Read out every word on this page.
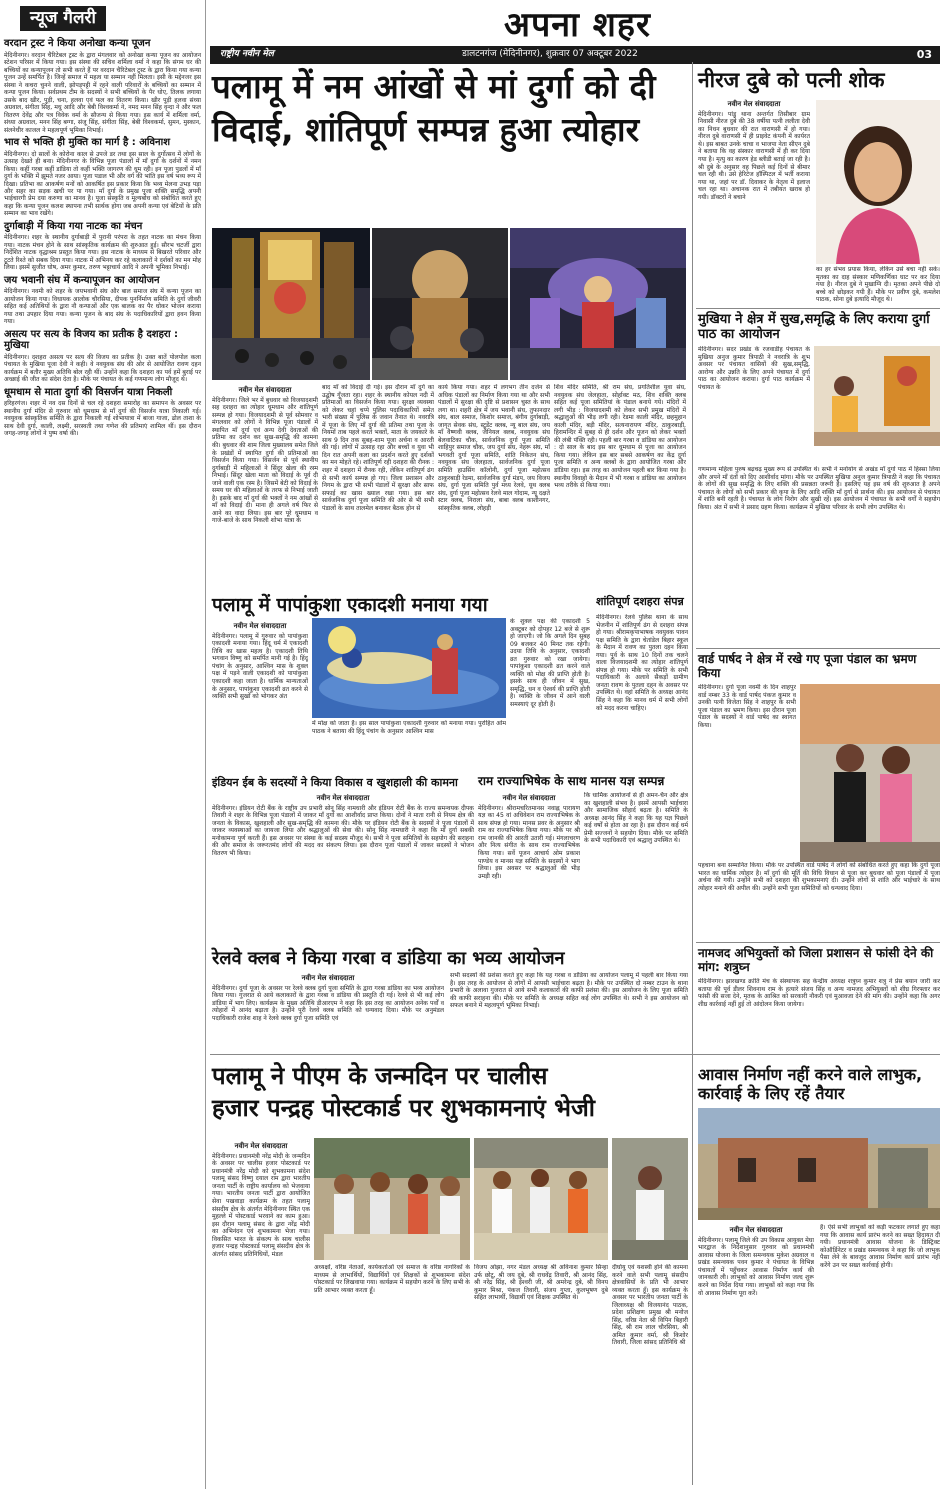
न्यूज गैलरी
वरदान ट्रस्ट ने किया अनोखा कन्या पूजन
मेदिनीनगर। वरदान चैरिटेबल ट्रस्ट के द्वारा मंगलवार को अनोखा कन्या पूजन का आयोजन स्टेशन परिसर में किया गया। इस संस्था की सचिव शर्मिला वर्मा ने कहा कि संगम घर की बच्चियों का कन्यापूजन तो सभी करते हैं पर वरदान चैरिटेबल ट्रस्ट के द्वारा किया गया कन्या पूजन उन्हें समर्पित है। जिन्हें समाज में महत्व या सम्मान नहीं मिलता। इसी के मद्देनजर इस संस्था ने कचरा चुनने वाली, झोपड़पट्टी में रहने वाली परिवारों के बच्चियों का सम्मान में कन्या पूजन किया। सर्वप्रथम टीम के सदस्यों ने सभी बच्चियों के पैर धोए, तिलक लगाया उसके बाद खीर, पूड़ी, चना, हलवा एवं फल का वितरण किया। खीर पूड़ी हलवा संध्या अग्रवाल, संगीता सिंह, मधु आदि और बेबी विश्वकर्मा ने, नमद मनन सिंह वृन्दा ने और फल वितरण देवेंद्र और पत्र विवेक वर्मा के सौजन्य से किया गया। इस कार्य में शर्मिला वर्मा, संध्या अग्रवाल, मनन सिंह बग्गा, संजू सिंह, संगीता सिंह, बेबी विश्वकर्मा, सुमन, मुस्कान, संलनेधीर काजल ने महत्वपूर्ण भूमिका निभाई।
भाव से भक्ति ही मुक्ति का मार्ग है : अविनाश
मेदिनीनगर। दो सालों के कोरोना काल से उपजे डर तथा इस साल के दुर्गोत्सव में लोगों के उत्साह देखते ही बना। मेदिनीनगर के विभिन्न पूजा पंडालों में माँ दुर्गा के दर्शनों में नमन किया। कहीं गरबा कहीं डांडिया तो कहीं भक्ति जागरण की धूम रही। इन पूजा पुडलों में माँ दुर्गा के भक्ति में झूमते नजर आया। पूजा पडाल भी और वर्ग की भांति इस वर्ष भव्य रूप में दिखा। प्रतिभा का आकर्षण मनों को आकर्षित इस प्रकार किया कि भव्य मेलना उभड़ पड़ा और सहर का सड़क खची पर पा गया। माँ दुर्गा के प्रमुख पूजा शक्ति समृद्धि अपनी भाईचारगी प्रेम दया करुणा का मानव है। पूजा संस्कृति व मूल्यबोध को संबोधित करते हुए कहा कि कन्या पूजन कलश स्थापना तभी सार्थक होगा जब अपनी कन्या एवं बेटियों के प्रति सम्मान का भाव रखेंगे।
दुर्गाबाड़ी में किया गया नाटक का मंचन
मेदिनीनगर। शहर के स्थानीय दुर्गाबाड़ी में पुरानी परंपरा के तहत नाटक का मंचन किया गया। नाटक मंचन होने के साथ सांस्कृतिक कार्यक्रम की शुरुआत हुई। सौरभ चटर्जी द्वारा निर्देशित नाटक वृद्धाश्रम प्रस्तुत किया गया। इस नाटक के माध्यम से बिखरते परिवार और टूटते रिश्ते को सबक दिया गया। नाटक में अभिनय कर रहे कलाकारों ने दर्शकों का मन मोह लिया। इसमें सुजीत घोष, अमर कुमार, तरुण भट्टाचार्य आदि ने अपनी भूमिका निभाई।
जय भवानी संघ में कन्यापूजन का आयोजन
मेदिनीनगर। नवमी को शहर के जयभवानी संघ और बाल समाज संघ में कन्या पूजन का आयोजन किया गया। विधायक आलोक चौरसिया, दीपक पुनर्निर्माण समिति के दुर्गा जीवरी सहित कई अतिथियों के द्वारा नौ कन्याओं और एक बालक का पैर धोकर भोजन कराया गया तथा उपहार दिया गया। कन्या पूजन के बाद संघ के पदाधिकारियों द्वारा हवन किया गया।
असत्य पर सत्य के विजय का प्रतीक है दशहरा : मुखिया
मेदिनीनगर। दशहरा असत्य पर सत्य की विजय का प्रतीक है। उक्त बातें पोलपोल कला पंचायत के मुखिया पूजा देवी ने कही। वे नवयुवक संघ की ओर से आयोजित रावण दहन कार्यक्रम में बतौर मुख्य अतिथि बोल रही थीं। उन्होंने कहा कि दशहरा का पर्व हमें बुराई पर अच्छाई की जीत का संदेश देता है। मौके पर पंचायत के कई गणमान्य लोग मौजूद थे।
धूमधाम से माता दुर्गा की विसर्जन यात्रा निकली
हरिहरगंज। शहर में नव दस दिनों से चल रहे दशहरा समारोह का समापन के अवसर पर स्थानीय दुर्गा मंदिर से गुरुवार को धूमधाम से माँ दुर्गा की विसर्जन यात्रा निकाली गई। नवयुवक सांस्कृतिक समिति के द्वारा निकाली गई शोभायात्रा में बाजा गाजा, ढोल ताशा के साथ देवी दुर्गा, काली, लक्ष्मी, सरस्वती तथा गणेश की प्रतिमाएं शामिल थीं। इस दौरान जगह-जगह लोगों ने पुष्प वर्षा की।
अपना शहर
राष्ट्रीय नवीन मेल	डालटनगंज (मेदिनीनगर), शुक्रवार 07 अक्टूबर 2022	03
पलामू में नम आंखों से मां दुर्गा को दी
विदाई, शांतिपूर्ण सम्पन्न हुआ त्योहार
नवीन मेल संवाददाता
मेदिनीनगर। जिले भर में बुधवार को विजयादशमी सह दशहरा का त्योहार धूमधाम और शांतिपूर्ण सम्पन्न हो गया। विजयादशमी से पूर्व सोमवार व मंगलवार को लोगों ने विभिन्न पूजा पंडालों में स्थापित माँ दुर्गा एवं अन्य देवी देवताओं की प्रतिमा का दर्शन कर सुख-समृद्धि की कामना की। बुधवार की शाम जिला मुख्यालय समेत जिले के प्रखंडों में स्थापित दुर्गा की प्रतिमाओं का विसर्जन किया गया। विसर्जन से पूर्व स्थानीय दुर्गाबाड़ी में महिलाओं ने सिंदूर खेला की रस्म निभाई। सिंदूर खेला माता को विदाई के पूर्व दी जाने वाली एक रस्म है। जिसमें बेटी को विदाई के समय घर की महिलाओं के तरफ से निभाई जाती है। इसके बाद माँ दुर्गा की भक्तों ने नम आंखों से माँ को विदाई दी। माना ही अगले वर्ष फिर से आने का वादा लिया। इस बार पूरे धूमधाम व गाजे-बाजे के साथ निकली शोभा यात्रा के
बाद माँ को विदाई दी गई। इस दौरान माँ दुर्गे का उद्घोष गूँजता रहा। शहर के स्थानीय कोयल नदी में प्रतिमाओं का विसर्जन किया गया। सुरक्षा व्यवस्था को लेकर चहां चप्पे पुलिस पदाधिकारियों समेत भारी संख्या में पुलिस के जवान तैनात थे। नवरात्रि में पूजा के लिए माँ दुर्गा की प्रतिमा तथा पूजा के नियमों ताब पहले करते भक्तों, माता के जयकारे के साथ 9 दिन तक सुबह-शाम पूजा अर्चना व आरती की गई। लोगों में उत्साह रहा और बच्चों व युवा भी दिन रात अपनी कला का प्रदर्शन करते हुए दर्शकों का मन मोहते रहे। शांतिपूर्ण रही दशहरा की रौनक : शहर में दशहरा में रौनक रही, लेकिन शांतिपूर्ण ढंग से सभी कार्य सम्पन्न हो गए। जिला प्रशासन और निगम के द्वारा भी सभी पंडालों में सुरक्षा और साफ सफाई का खास ख्याल रखा गया। इस बार सार्वजनिक दुर्गा पूजा समिति की ओर से भी सभी पंडालों के साथ तालमेल बनाकर बैठक होन से
कार्य किया गया। शहर में लगभग तीन दर्जन से अधिक पंडालों का निर्माण किया गया था और सभी पंडालों में सुरक्षा की दृष्टि से प्रशासन चुस्त के साथ लगा था। शहरी क्षेत्र में जय भवानी संघ, तुफानदार संघ, बाल समाज, किशोर समाज, बंगीय दुर्गाबाड़ी, जागृत सेवक संघ, स्टूडेंट क्लब, न्यू बाल संघ, जय माँ वैष्णवी क्लब, जैनियल क्लब, नवयुवक संघ बेलवाटिका चौक, सार्वजनिक दुर्गा पूजा समिति शाहिपुर समाज चौक, जय दुर्गा संघ, नेहरू संघ, माँ भगवती दुर्गा पूजा समिति, शांति निकेतन संघ, नवयुवक संघ जेलहाता, सार्वजनिक दुर्गा पूजा समिति हाउसिंग कॉलोनी, दुर्गा पूजा महोत्सव ठाकुरबाड़ी रेडमा, सार्वजनिक दुर्गा मंडप, जय विजय संघ, दुर्गा पूजा समिति पुर्व मध्य रेलवे, यूथ क्लब संघ, दुर्गा पूजा महोत्सव रेलवे माल गोदाम, न्यू दक्षते स्टार क्लब, निराला संघ, बाबा क्लब काशीनगर, सांस्कृतिक क्लब, लोहड़ी
शिव मंदिर समिति, श्री राम संघ, प्रगतिशील युवा संघ, नवयुवक संघ जेलहाता, सोर्हाक्ट मठ, शिव शक्ति क्लब सहित कई पूजा समितियां के पंडाल बनाये गये। मंदिरों में लगी भीड़ : विजयादशमी को लेकर सभी प्रमुख मंदिरों में श्रद्धालुओं की भीड़ लगी रही। रेडमा काली मंदिर, छहमुहान काली मंदिर, बड़ी मंदिर, सत्यनारायण मंदिर, ठाकुरबाड़ी, हिरामन्दिर में सुबह से ही दर्शन और पूजन को लेकर भक्तों की लंबी पंक्ति रही। पहली बार गरबा व डांडिया का आयोजन : दो साल के बाद इस बार धूमधाम से पूजा का आयोजन किया गया। लेकिन इस बार सबसे आकर्षण का केंद्र दुर्गा पूजा समिति व अन्य क्लबों के द्वारा आयोजित गरबा और डांडिया रहा। इस तरह का आयोजन पहली बार किया गया है। स्थानीय विवाहो के मैदान में भी गरबा व डांडिया का आयोजन भव्य तरीके से किया गया।
पलामू में पापांकुशा एकादशी मनाया गया
नवीन मेल संवाददाता
मेदिनीनगर। पलामू में गुरुवार को पापांकुशा एकादशी मनाया गया। हिंदू धर्म में एकादशी तिथि का खास महत्व है। एकादशी तिथि भगवान विष्णु को समर्पित मानी गई है। हिंदू पंचांग के अनुसार, आश्विन मास के शुक्ल पक्ष में पड़ने वाली एकादशी को पापांकुशा एकादशी कहा जाता है। धार्मिक मान्यताओं के अनुसार, पापांकुशा एकादशी व्रत करने से व्यक्ति सभी सुखों को भोगकर अंत
में मोक्ष को जाता है। इस साल पापांकुशा एकादशी गुरुवार को मनाया गया। पुरोहित ओम पाठक ने बताया की हिंदू पंचांग के अनुसार आश्विन मास
के शुक्ल पक्ष की एकादशी 5 अक्टूबर को दोपहर 12 बजे से शुरू हो जाएगी। जो कि अगले दिन सुबह 09 बजकर 40 मिनट तक रहेगी। उदया तिथि के अनुसार, एकादशी व्रत गुरुवार को रखा जायेगा। पापांकुशा एकादशी व्रत करने वाले व्यक्ति को मोक्ष की प्राप्ति होती है। इसके साथ ही जीवन में सुख, समृद्धि, धन व ऐश्वर्य की प्राप्ति होती है। व्यक्ति के जीवन में आने वाली समस्याएं दूर होती हैं।
शांतिपूर्ण दशहरा संपन्न
मेदिनीनगर। रेलवे पुलिस थाना के साथ भेजनीन में शांतिपूर्ण ढंग से दशहरा संपन्न हो गया। श्रीरामकृपाभाषक नवयुवक पावन पक्ष समिति के द्वारा चेतांडेल बिहार स्कूल के मैदान में रावण का पुतला दहन किया गया। पूर्व के साथ 10 दिनों तक चलने वाला विजयादशमी का त्योहार शांतिपूर्ण संपन्न हो गया। मौके पर समिति के सभी पदाधिकारी के अलावे सैकड़ों ग्रामीण जनता रावण के पुतला दहन के अवसर पर उपस्थित थे। वहां समिति के अध्यक्ष आनंद सिंह ने कहा कि मानव धर्म में सभी लोगों को मदद करना चाहिए।
इंडियन ईब के सदस्यों ने किया विकास व खुशहाली की कामना
नवीन मेल संवाददाता
मेदिनीनगर। इंडियन रोटी बैंक के राष्ट्रीय उप प्रभारी सोनू सिंह नामधारी और इंडियन रोटी बैंक के राज्य समन्वयक दीपक तिवारी ने शहर के विभिन्न पूजा पंडालों में जाकर माँ दुर्गा का आशीर्वाद प्राप्त किया। दोनों ने माता रानी से नियम क्षेत्र की जनता के विकास, खुशहाली और सुख-समृद्धि की कामना की। मौके पर इंडियन रोटी बैंक के सदस्यों ने पूजा पंडालों में जाकर व्यवस्थाओं का जायजा लिया और श्रद्धालुओं की सेवा की। सोनू सिंह नामधारी ने कहा कि माँ दुर्गा सबकी मनोकामना पूर्ण करती हैं। इस अवसर पर संस्था के कई सदस्य मौजूद थे। सभी ने पूजा समितियों के सहयोग की सराहना की और समाज के जरूरतमंद लोगों की मदद का संकल्प लिया। इस दौरान पूजा पंडालों में जाकर सदस्यों ने भोजन वितरण भी किया।
राम राज्याभिषेक के साथ मानस यज्ञ सम्पन्न
नवीन मेल संवाददाता
मेदिनीनगर। श्रीरामचरितमानस नवाह्न पारायण यज्ञ का 45 वां अधिवेशन राम राज्याभिषेक के साथ संपन्न हो गया। मानस प्रवर के अनुसार श्री राम का राज्याभिषेक किया गया। मौके पर श्री राम जानकी की आरती उतारी गई। मंगलाचरण और नित्य संगीत के साथ राम राज्याभिषेक किया गया। सर्वे पूजन आचार्य ओम प्रकाश पाण्डेय व मानस यज्ञ समिति के सदस्यों ने भाग लिया। इस अवसर पर श्रद्धालुओं की भीड़ उमड़ी रही।
कि धार्मिक आयोजनों से ही अमन-चैन और क्षेत्र का खुशहाली संभव है। इसमें आपसी भाईचारा और सामाजिक सौहार्द बढ़ता है। समिति के अध्यक्ष आनंद सिंह ने कहा कि यह यज्ञ पिछले कई वर्षों से होता आ रहा है। इस दौरान कई धर्म प्रेमी सज्जनों ने सहयोग दिया। मौके पर समिति के सभी पदाधिकारी एवं श्रद्धालु उपस्थित थे।
रेलवे क्लब ने किया गरबा व डांडिया का भव्य आयोजन
नवीन मेल संवाददाता
मेदिनीनगर। दुर्गा पूजा के अवसर पर रेलवे क्लब दुर्गा पूजा समिति के द्वारा गरबा डांडिया का भव्य आयोजन किया गया। गुजरात से आये कलाकारों के द्वारा गरबा व डांडिया की प्रस्तुति दी गई। रेलवे से भी कई लोग डांडिया में भाग लिए। कार्यक्रम के मुख्य अतिथि डीआरएम ने कहा कि इस तरह का आयोजन अनेक पर्वों व त्योहारों में आनंद बढ़ाता है। उन्होंने पूरी रेलवे क्लब समिति को धन्यवाद दिया। मौके पर अनुमंडल पदाधिकारी राजेश शाह ने रेलवे क्लब दुर्गा पूजा समिति एवं
सभी सदस्यों की प्रशंसा करते हुए कहा कि यह गरबा व डांडिया का आयोजन पलामू में पहली बार किया गया है। इस तरह के आयोजन से लोगों में आपसी भाईचारा बढ़ता है। मौके पर उपस्थित दो नम्बर टाउन के थाना प्रभारी के अलावा गुजरात से आये सभी कलाकारों की काफी प्रशंसा की। इस आयोजन के लिए पूजा समिति की काफी सराहना की। मौके पर समिति के अध्यक्ष सहित कई लोग उपस्थित थे। सभी ने इस आयोजन को सफल बनाने में महत्वपूर्ण भूमिका निभाई।
पलामू ने पीएम के जन्मदिन पर चालीस
हजार पन्द्रह पोस्टकार्ड पर शुभकामनाएं भेजी
नवीन मेल संवाददाता
मेदिनीनगर। प्रधानमंत्री नरेंद्र मोदी के जन्मदिन के अवसर पर चालीस हजार पोस्टकार्ड पर प्रधानमंत्री नरेंद्र मोदी को शुभकामना संदेश पलामू संसद विष्णु दयाल राम द्वारा भारतीय जनता पार्टी के राष्ट्रीय कार्यालय को भेजवाया गया। भारतीय जनता पार्टी द्वारा आयोजित सेवा पखवाड़ा कार्यक्रम के तहत पलामू संसदीय क्षेत्र के अंतर्गत मेदिनीनगर स्थित एक मुहल्ले में पोस्टकार्ड भरवाने का काम हुआ। इस दौरान पलामू संसद के द्वारा नरेंद्र मोदी का अभिनंदन एवं शुभकामना भेजा गया। विकसित भारत के संकल्प के साथ चालीस हजार पन्द्रह पोस्टकार्ड पलामू संसदीय क्षेत्र के अंतर्गत सांसद प्रतिनिधियों, मंडल
अध्यक्षों, वरिष्ठ नेताओं, कार्यकर्ताओं एवं समाज के वरिष्ठ नागरिकों के माध्यम से लाभार्थियों, विद्यार्थियों एवं शिक्षकों से शुभकामना संदेश पोस्टकार्ड पर लिखवाया गया। कार्यक्रम में सहयोग करने के लिए सभी के प्रति आभार व्यक्त करता हूँ।
विजय ओझा, नगर मंडल अध्यक्ष श्री अविनाश कुमार सिन्हा उर्फ छोटू, श्री जय दुबे, श्री राधवेंद्र तिवारी, श्री आनंद सिंह, श्री नरेंद्र सिंह, श्री ईश्वरी जी, श्री अमरेन्द्र दुबे, श्री विनय कुमार मिश्रा, पंकज तिवारी, संजय गुप्ता, कुलभूषण दुबे सहित लाभार्थी, विद्यार्थी एवं शिक्षक उपस्थित थे।
दीर्घायु एवं यशस्वी होने की कामना करने वाले सभी पलामू संसदीय क्षेत्रवासियों के प्रति भी आभार व्यक्त करता हूँ। इस कार्यक्रम के अवसर पर भारतीय जनता पार्टी के जिलाध्यक्ष श्री विजयानंद पाठक, प्रदेश प्रशिक्षण प्रमुख श्री मनोज सिंह, वरिष्ठ नेता श्री विपिन बिहारी सिंह, श्री राम लाल चौरसिया, श्री अमित कुमार वर्मा, श्री किशोर तिवारी, जिला सांसद प्रतिनिधि श्री
नीरज दुबे को पत्नी शोक
नवीन मेल संवाददाता
मेदिनीनगर। पांडु थाना अन्तर्गत तिसीबार ग्राम निवासी नीरज दुबे की 38 वर्षीया पत्नी ललीता देवी का निधन बुधवार की रात वाराणसी में हो गया। नीरज दुबे वाराणसी में ही प्राइवेट कंपनी में कार्यरत थे। इस बाबत उनके चाचा व भाजपा नेता सीएन दुबे ने बताया कि वह संस्कार वाराणसी में ही कर दिया गया है। मृत्यु का कारण हेड ब्लीडी बताई जा रही है। श्री दुबे के अनुसार वह पिछले कई दिनों से बीमार चल रही थी। उसे हेरिटेज हॉस्पिटल में भर्ती कराया गया था, जहां पर डॉ. दिवाकर के नेतृत्व में इलाज चल रहा था। अचानक रात में तबीयत खराब हो गयी। डॉक्टरों ने बचाने
का हर संभव प्रयास किया, लेकिन उसे बचा नहीं सके। मृतका का दाह संस्कार मणिकर्णिका घाट पर कर दिया गया है। नीरज दुबे ने मुखाग्नि दी। मृतका अपने पीछे दो बच्चे को छोड़कर गयी हैं। मौके पर प्रवीण दुबे, कमलेश पाठक, सोना दुबे इत्यादि मौजूद थे।
मुखिया ने क्षेत्र में सुख,समृद्धि के लिए कराया दुर्गा पाठ का आयोजन
मेदिनीनगर। सदर प्रखंड के रजवाडीह पंचायत के मुखिया अनुज कुमार त्रिपाठी ने नवरात्रि के शुभ अवसर पर पंचायत वासियों की सुख,समृद्धि, आरोग्य और उन्नति के लिए अपने पंचायत में दुर्गा पाठ का आयोजन कराया। दुर्गा पाठ कार्यक्रम में पंचायत के
गणमान्य महिला पुरुष बढ़चढ़ मुख्य रूप से उपस्थित थे। सभी ने मनोयोग से अखंड माँ दुर्गा पाठ में हिस्सा लिया और अपने माँ दंतों को दिए आशीर्वाद मांगा। मौके पर उपस्थित मुखिया अनुज कुमार त्रिपाठी ने कहा कि पंचायत के लोगों की सुख समृद्धि के लिए शक्ति की प्रसन्नता जरूरी है। इसलिए यह इस वर्ष की शुरुआत है अपने पंचायत के लोगों को सभी प्रकार की कृपा के लिए आदि शक्ति माँ दुर्गा से प्रार्थना की। इस आयोजन से पंचायत में शांति बनी रहती है। पंचायत के लोग निरोग और सुखी रहें। इस आयोजन में पंचायत के सभी वर्गों ने सहयोग किया। अंत में सभी ने प्रसाद ग्रहण किया। कार्यक्रम में मुखिया परिवार के सभी लोग उपस्थित थे।
वार्ड पार्षद ने क्षेत्र में रखे गए पूजा पंडाल का भ्रमण किया
मेदिनीनगर। दुर्गा पूजा नवमी के दिन शाहपुर वार्ड नम्बर 33 के वार्ड पार्षद पंकज कुमार व उनकी पत्नी विजेता सिंह ने शाहपुर के सभी पूजा पंडाल का भ्रमण किया। इस दौरान पूजा पंडाल के सदस्यों ने वार्ड पार्षद का स्वागत किया।
पहचाना बना सम्मानित किया। मौके पर उपस्थित वार्ड पार्षद ने लोगों को संबोधित करते हुए कहा कि दुर्गा पूजा भारत का धार्मिक त्योहार है। माँ दुर्गा की मूर्ति की विधि विधान से पूजा कर बुधवार को पूजा पंडालों में पूजा अर्चना की गयी। उन्होंने सभी को दशहरा की शुभकामनाएं दी। उन्होंने लोगों से शांति और भाईचारे के साथ त्योहार मनाने की अपील की। उन्होंने सभी पूजा समितियों को धन्यवाद दिया।
नामजद अभियुक्तों को जिला प्रशासन से फांसी देने की मांग: शत्रुघ्न
मेदिनीनगर। झारखण्ड क्रांति मंच के संस्थापक सह केन्द्रीय अध्यक्ष शत्रुघ्न कुमार शत्रु ने प्रेस बयान जारी कर बताया की पूर्व डीलर शिवनाथ राम के हत्यारे संजय सिंह व अन्य नामजद अभियुक्तों को शीघ्र गिरफ्तार कर फांसी की सजा देने, मृतक के आश्रित को सरकारी नौकरी एवं मुआवजा देने की मांग की। उन्होंने कहा कि अगर शीघ्र कार्रवाई नहीं हुई तो आंदोलन किया जायेगा।
आवास निर्माण नहीं करने वाले लाभुक, कार्रवाई के लिए रहें तैयार
नवीन मेल संवाददाता
मेदिनीनगर। पलामू जिले की उप विकास आयुक्त मेघा भारद्वाज के निर्देशानुसार गुरुवार को प्रधानमंत्री आवास योजना के जिला समन्वयक मुकेश अग्रवाल व प्रखंड समन्वयक पवन कुमार ने पंचायत के विभिन्न पंचायतों में पहुँचकर आवास निर्माण कार्य की जानकारी ली। लाभुकों को आवास निर्माण जल्द शुरू करने का निर्देश दिया गया। लाभुकों को कहा गया कि वो आवास निर्माण पूरा करें।
है। ऐसे सभी लाभुकों को कड़ी फटकार लगाते हुए कहा गया कि आवास कार्य प्रारंभ करने का सख्त हिदायत दी गयी। प्रधानमंत्री आवास योजना के डिस्ट्रिक्ट कोऑर्डिनेटर व प्रखंड समन्वयक ने कहा कि जो लाभुक पैसा लेने के बावजूद आवास निर्माण कार्य प्रारंभ नहीं करेंगे उन पर सख्त कार्रवाई होगी।
